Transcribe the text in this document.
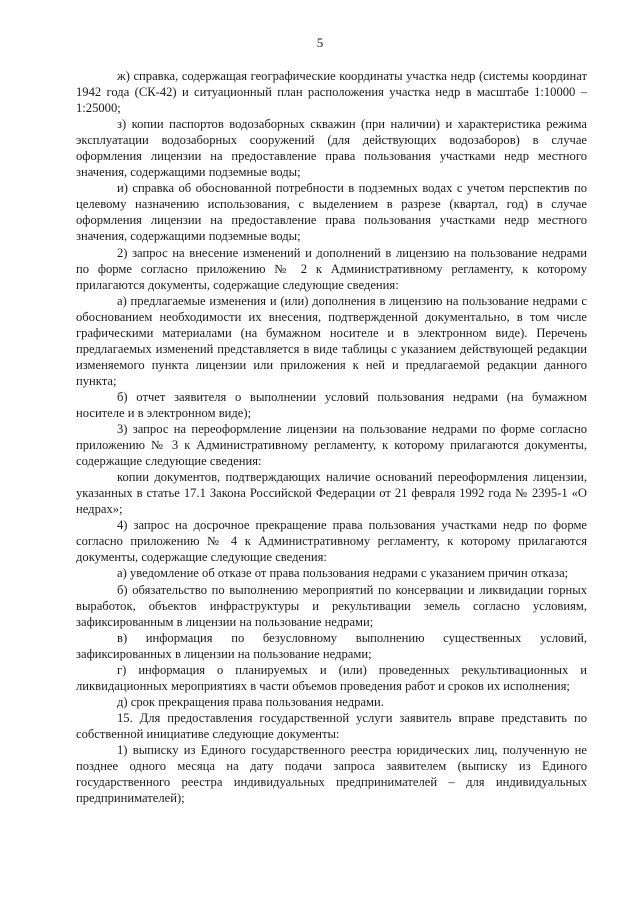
5

ж) справка, содержащая географические координаты участка недр (системы координат 1942 года (СК-42) и ситуационный план расположения участка недр в масштабе 1:10000 – 1:25000;

з) копии паспортов водозаборных скважин (при наличии) и характеристика режима эксплуатации водозаборных сооружений (для действующих водозаборов) в случае оформления лицензии на предоставление права пользования участками недр местного значения, содержащими подземные воды;

и) справка об обоснованной потребности в подземных водах с учетом перспектив по целевому назначению использования, с выделением в разрезе (квартал, год) в случае оформления лицензии на предоставление права пользования участками недр местного значения, содержащими подземные воды;

2) запрос на внесение изменений и дополнений в лицензию на пользование недрами по форме согласно приложению № 2 к Административному регламенту, к которому прилагаются документы, содержащие следующие сведения:

а) предлагаемые изменения и (или) дополнения в лицензию на пользование недрами с обоснованием необходимости их внесения, подтвержденной документально, в том числе графическими материалами (на бумажном носителе и в электронном виде). Перечень предлагаемых изменений представляется в виде таблицы с указанием действующей редакции изменяемого пункта лицензии или приложения к ней и предлагаемой редакции данного пункта;

б) отчет заявителя о выполнении условий пользования недрами (на бумажном носителе и в электронном виде);

3) запрос на переоформление лицензии на пользование недрами по форме согласно приложению № 3 к Административному регламенту, к которому прилагаются документы, содержащие следующие сведения:

копии документов, подтверждающих наличие оснований переоформления лицензии, указанных в статье 17.1 Закона Российской Федерации от 21 февраля 1992 года № 2395-1 «О недрах»;

4) запрос на досрочное прекращение права пользования участками недр по форме согласно приложению № 4 к Административному регламенту, к которому прилагаются документы, содержащие следующие сведения:

а) уведомление об отказе от права пользования недрами с указанием причин отказа;

б) обязательство по выполнению мероприятий по консервации и ликвидации горных выработок, объектов инфраструктуры и рекультивации земель согласно условиям, зафиксированным в лицензии на пользование недрами;

в) информация по безусловному выполнению существенных условий, зафиксированных в лицензии на пользование недрами;

г) информация о планируемых и (или) проведенных рекультивационных и ликвидационных мероприятиях в части объемов проведения работ и сроков их исполнения;

д) срок прекращения права пользования недрами.

15. Для предоставления государственной услуги заявитель вправе представить по собственной инициативе следующие документы:

1) выписку из Единого государственного реестра юридических лиц, полученную не позднее одного месяца на дату подачи запроса заявителем (выписку из Единого государственного реестра индивидуальных предпринимателей – для индивидуальных предпринимателей);
